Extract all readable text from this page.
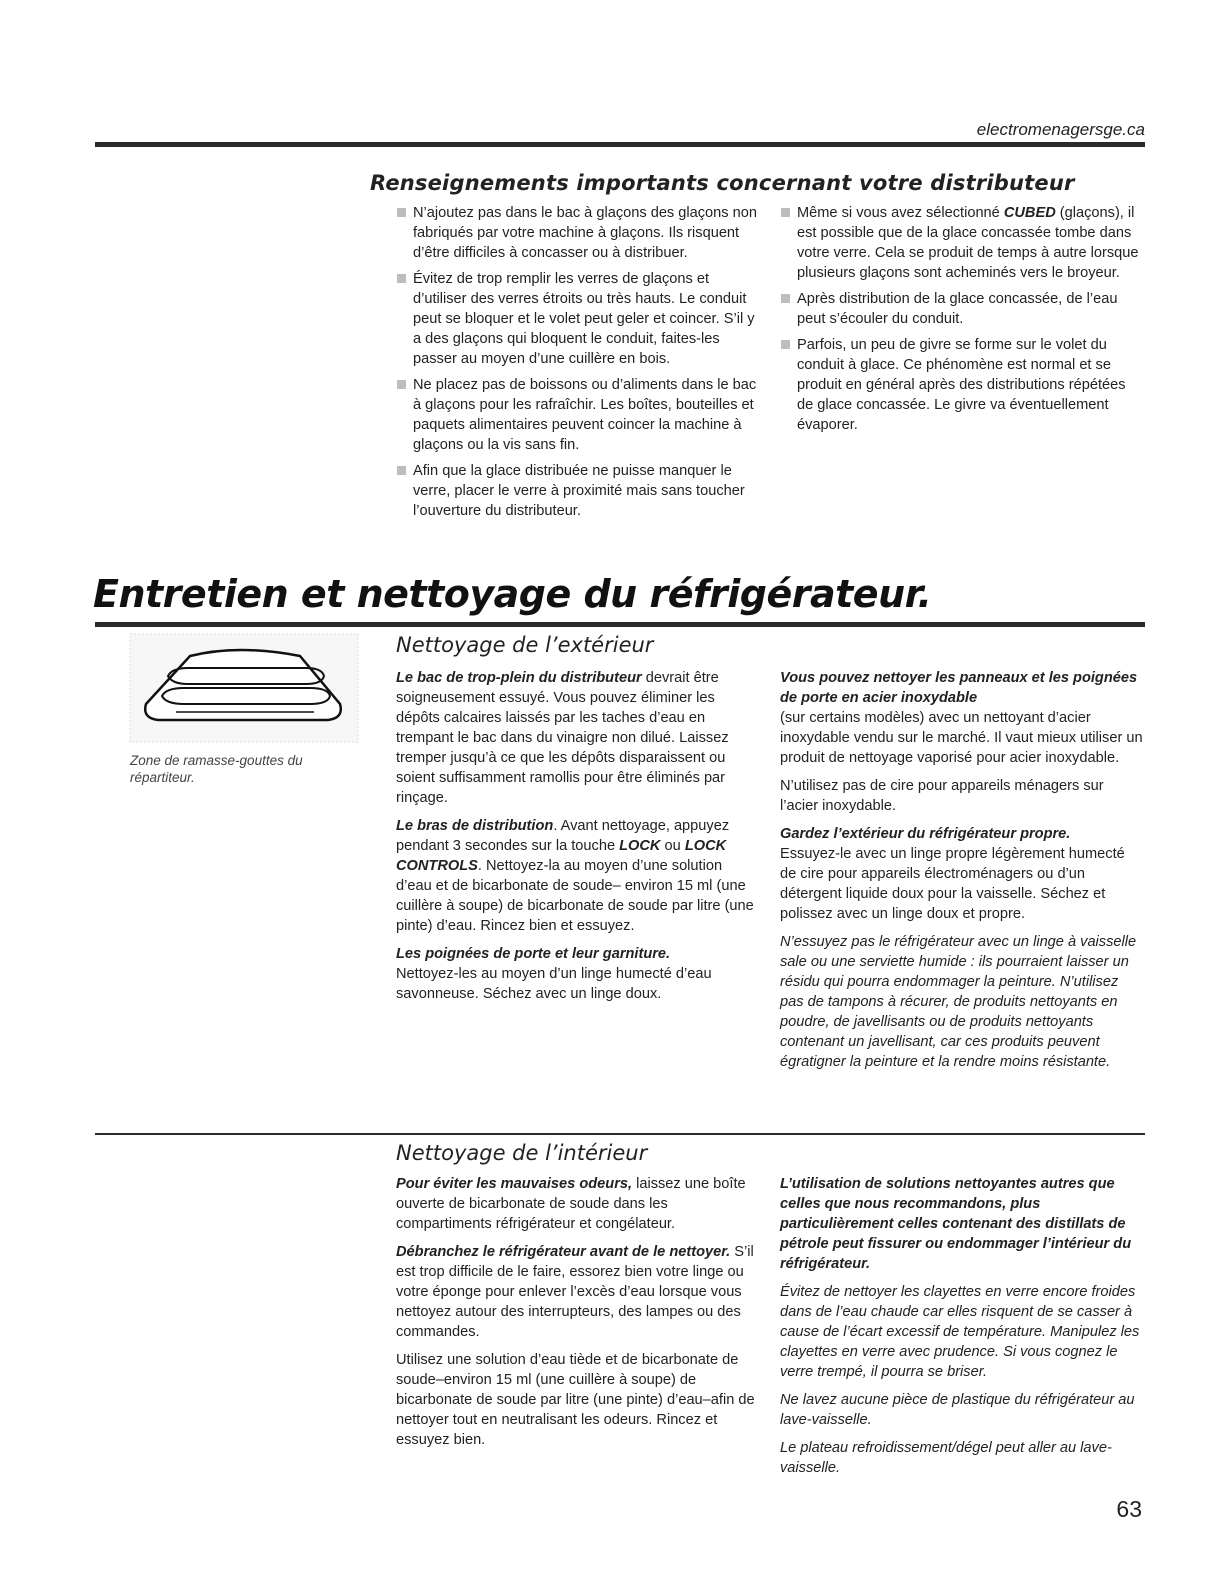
electromenagersge.ca
Renseignements importants concernant votre distributeur
N’ajoutez pas dans le bac à glaçons des glaçons non fabriqués par votre machine à glaçons. Ils risquent d’être difficiles à concasser ou à distribuer.
Évitez de trop remplir les verres de glaçons et d’utiliser des verres étroits ou très hauts. Le conduit peut se bloquer et le volet peut geler et coincer. S’il y a des glaçons qui bloquent le conduit, faites-les passer au moyen d’une cuillère en bois.
Ne placez pas de boissons ou d’aliments dans le bac à glaçons pour les rafraîchir. Les boîtes, bouteilles et paquets alimentaires peuvent coincer la machine à glaçons ou la vis sans fin.
Afin que la glace distribuée ne puisse manquer le verre, placer le verre à proximité mais sans toucher l’ouverture du distributeur.
Même si vous avez sélectionné CUBED (glaçons), il est possible que de la glace concassée tombe dans votre verre. Cela se produit de temps à autre lorsque plusieurs glaçons sont acheminés vers le broyeur.
Après distribution de la glace concassée, de l’eau peut s’écouler du conduit.
Parfois, un peu de givre se forme sur le volet du conduit à glace. Ce phénomène est normal et se produit en général après des distributions répétées de glace concassée. Le givre va éventuellement évaporer.
Entretien et nettoyage du réfrigérateur.
Zone de ramasse-gouttes du répartiteur.
Nettoyage de l’extérieur

Le bac de trop-plein du distributeur devrait être soigneusement essuyé. Vous pouvez éliminer les dépôts calcaires laissés par les taches d’eau en trempant le bac dans du vinaigre non dilué. Laissez tremper jusqu’à ce que les dépôts disparaissent ou soient suffisamment ramollis pour être éliminés par rinçage.

Le bras de distribution. Avant nettoyage, appuyez pendant 3 secondes sur la touche LOCK ou LOCK CONTROLS. Nettoyez-la au moyen d’une solution d’eau et de bicarbonate de soude– environ 15 ml (une cuillère à soupe) de bicarbonate de soude par litre (une pinte) d’eau. Rincez bien et essuyez.

Les poignées de porte et leur garniture.
Nettoyez-les au moyen d’un linge humecté d’eau savonneuse. Séchez avec un linge doux.

Vous pouvez nettoyer les panneaux et les poignées de porte en acier inoxydable
(sur certains modèles) avec un nettoyant d’acier inoxydable vendu sur le marché. Il vaut mieux utiliser un produit de nettoyage vaporisé pour acier inoxydable.

N’utilisez pas de cire pour appareils ménagers sur l’acier inoxydable.

Gardez l’extérieur du réfrigérateur propre.
Essuyez-le avec un linge propre légèrement humecté de cire pour appareils électroménagers ou d’un détergent liquide doux pour la vaisselle. Séchez et polissez avec un linge doux et propre.

N’essuyez pas le réfrigérateur avec un linge à vaisselle sale ou une serviette humide : ils pourraient laisser un résidu qui pourra endommager la peinture. N’utilisez pas de tampons à récurer, de produits nettoyants en poudre, de javellisants ou de produits nettoyants contenant un javellisant, car ces produits peuvent égratigner la peinture et la rendre moins résistante.

Nettoyage de l’intérieur

Pour éviter les mauvaises odeurs, laissez une boîte ouverte de bicarbonate de soude dans les compartiments réfrigérateur et congélateur.

Débranchez le réfrigérateur avant de le nettoyer. S’il est trop difficile de le faire, essorez bien votre linge ou votre éponge pour enlever l’excès d’eau lorsque vous nettoyez autour des interrupteurs, des lampes ou des commandes.

Utilisez une solution d’eau tiède et de bicarbonate de soude–environ 15 ml (une cuillère à soupe) de bicarbonate de soude par litre (une pinte) d’eau–afin de nettoyer tout en neutralisant les odeurs. Rincez et essuyez bien.

L’utilisation de solutions nettoyantes autres que celles que nous recommandons, plus particulièrement celles contenant des distillats de pétrole peut fissurer ou endommager l’intérieur du réfrigérateur.

Évitez de nettoyer les clayettes en verre encore froides dans de l’eau chaude car elles risquent de se casser à cause de l’écart excessif de température. Manipulez les clayettes en verre avec prudence. Si vous cognez le verre trempé, il pourra se briser.

Ne lavez aucune pièce de plastique du réfrigérateur au lave-vaisselle.

Le plateau refroidissement/dégel peut aller au lave-vaisselle.

63
